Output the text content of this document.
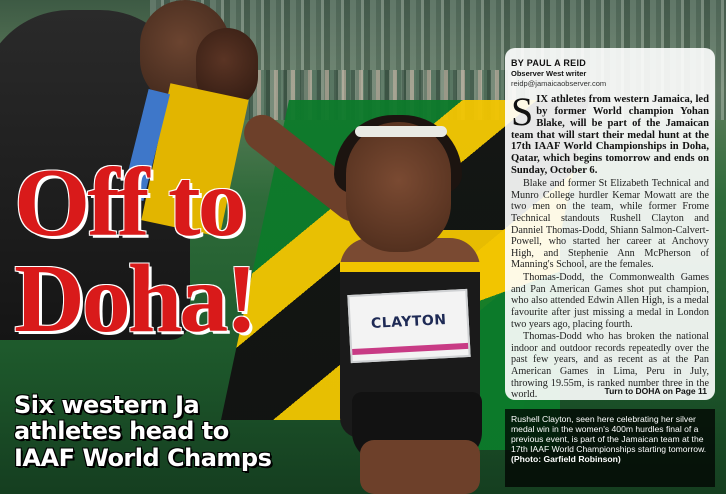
CLAYTON
Off to
Doha!
Six western Ja
athletes head to
IAAF World Champs
BY PAUL A REID
Observer West writer
reidp@jamaicaobserver.com
SIX athletes from western Jamaica, led by former World champion Yohan Blake, will be part of the Jamaican team that will start their medal hunt at the 17th IAAF World Championships in Doha, Qatar, which begins tomorrow and ends on Sunday, October 6.
Blake and former St Elizabeth Technical and Munro College hurdler Kemar Mowatt are the two men on the team, while former Frome Technical standouts Rushell Clayton and Danniel Thomas-Dodd, Shiann Salmon-Calvert-Powell, who started her career at Anchovy High, and Stephenie Ann McPherson of Manning's School, are the females.
Thomas-Dodd, the Commonwealth Games and Pan American Games shot put champion, who also attended Edwin Allen High, is a medal favourite after just missing a medal in London two years ago, placing fourth.
Thomas-Dodd who has broken the national indoor and outdoor records repeatedly over the past few years, and as recent as at the Pan American Games in Lima, Peru in July, throwing 19.55m, is ranked number three in the world.	Turn to DOHA on Page 11
Rushell Clayton, seen here celebrating her silver medal win in the women's 400m hurdles final of a previous event, is part of the Jamaican team at the 17th IAAF World Championships starting tomorrow.
(Photo: Garfield Robinson)
